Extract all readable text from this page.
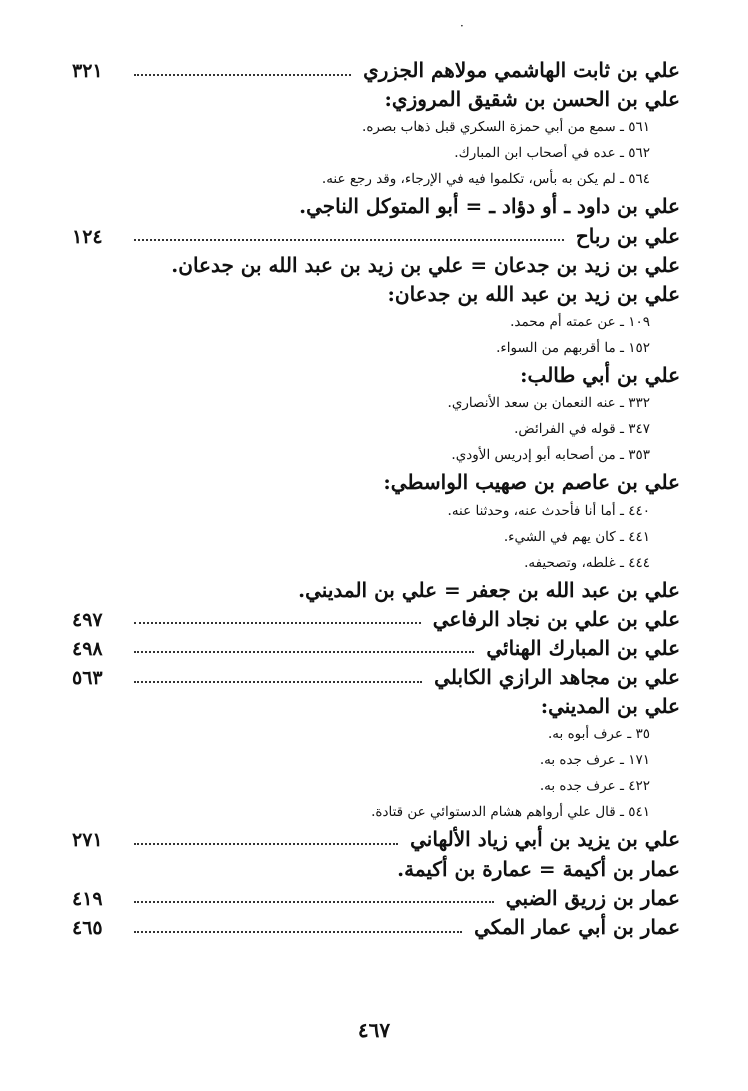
·
علي بن ثابت الهاشمي مولاهم الجزري
٣٢١
علي بن الحسن بن شقيق المروزي:
٥٦١ ـ سمع من أبي حمزة السكري قبل ذهاب بصره.
٥٦٢ ـ عده في أصحاب ابن المبارك.
٥٦٤ ـ لم يكن به بأس، تكلموا فيه في الإرجاء، وقد رجع عنه.
علي بن داود ـ أو دؤاد ـ = أبو المتوكل الناجي.
علي بن رباح
١٢٤
علي بن زيد بن جدعان = علي بن زيد بن عبد الله بن جدعان.
علي بن زيد بن عبد الله بن جدعان:
١٠٩ ـ عن عمته أم محمد.
١٥٢ ـ ما أقربهم من السواء.
علي بن أبي طالب:
٣٣٢ ـ عنه النعمان بن سعد الأنصاري.
٣٤٧ ـ قوله في الفرائض.
٣٥٣ ـ من أصحابه أبو إدريس الأودي.
علي بن عاصم بن صهيب الواسطي:
٤٤٠ ـ أما أنا فأحدث عنه، وحدثنا عنه.
٤٤١ ـ كان يهم في الشيء.
٤٤٤ ـ غلطه، وتصحيفه.
علي بن عبد الله بن جعفر = علي بن المديني.
علي بن علي بن نجاد الرفاعي
٤٩٧
علي بن المبارك الهنائي
٤٩٨
علي بن مجاهد الرازي الكابلي
٥٦٣
علي بن المديني:
٣٥ ـ عرف أبوه به.
١٧١ ـ عرف جده به.
٤٢٢ ـ عرف جده به.
٥٤١ ـ قال علي أرواهم هشام الدستوائي عن قتادة.
علي بن يزيد بن أبي زياد الألهاني
٢٧١
عمار بن أكيمة = عمارة بن أكيمة.
عمار بن زريق الضبي
٤١٩
عمار بن أبي عمار المكي
٤٦٥
٤٦٧
